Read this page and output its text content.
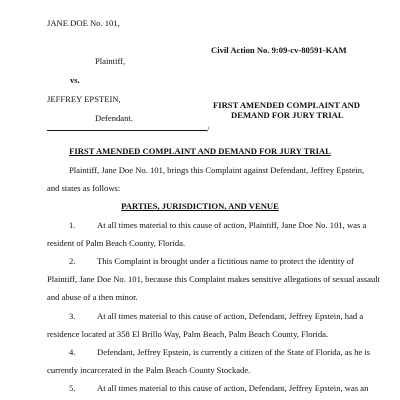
JANE DOE No. 101,
Plaintiff,
vs.
JEFFREY EPSTEIN,
Defendant.
/
Civil Action No. 9:09-cv-80591-KAM
FIRST AMENDED COMPLAINT AND
DEMAND FOR JURY TRIAL
FIRST AMENDED COMPLAINT AND DEMAND FOR JURY TRIAL
Plaintiff, Jane Doe No. 101, brings this Complaint against Defendant, Jeffrey Epstein,
and states as follows:
PARTIES, JURISDICTION, AND VENUE
1.	At all times material to this cause of action, Plaintiff, Jane Doe No. 101, was a
resident of Palm Beach County, Florida.
2.	This Complaint is brought under a fictitious name to protect the identity of
Plaintiff, Jane Doe No. 101, because this Complaint makes sensitive allegations of sexual assault
and abuse of a then minor.
3.	At all times material to this cause of action, Defendant, Jeffrey Epstein, had a
residence located at 358 El Brillo Way, Palm Beach, Palm Beach County, Florida.
4.	Defendant, Jeffrey Epstein, is currently a citizen of the State of Florida, as he is
currently incarcerated in the Palm Beach County Stockade.
5.	At all times material to this cause of action, Defendant, Jeffrey Epstein, was an
